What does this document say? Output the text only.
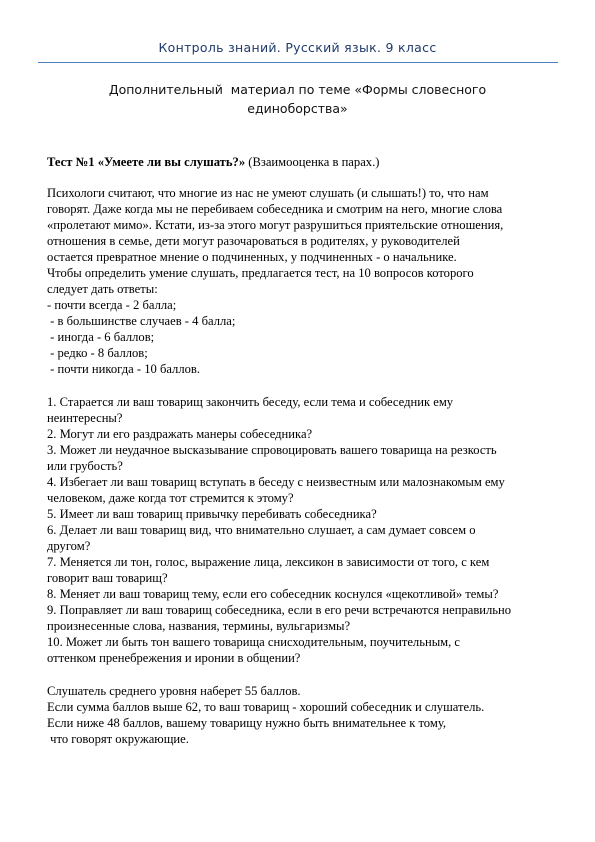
Контроль знаний. Русский язык. 9 класс
Дополнительный  материал по теме «Формы словесного
единоборства»
Тест №1 «Умеете ли вы слушать?» (Взаимооценка в парах.)
Психологи считают, что многие из нас не умеют слушать (и слышать!) то, что нам
говорят. Даже когда мы не перебиваем собеседника и смотрим на него, многие слова
«пролетают мимо». Кстати, из-за этого могут разрушиться приятельские отношения,
отношения в семье, дети могут разочароваться в родителях, у руководителей
остается превратное мнение о подчиненных, у подчиненных - о начальнике.
Чтобы определить умение слушать, предлагается тест, на 10 вопросов которого
следует дать ответы:
- почти всегда - 2 балла;
- в большинстве случаев - 4 балла;
- иногда - 6 баллов;
- редко - 8 баллов;
- почти никогда - 10 баллов.
1. Старается ли ваш товарищ закончить беседу, если тема и собеседник ему
неинтересны?
2. Могут ли его раздражать манеры собеседника?
3. Может ли неудачное высказывание спровоцировать вашего товарища на резкость
или грубость?
4. Избегает ли ваш товарищ вступать в беседу с неизвестным или малознакомым ему
человеком, даже когда тот стремится к этому?
5. Имеет ли ваш товарищ привычку перебивать собеседника?
6. Делает ли ваш товарищ вид, что внимательно слушает, а сам думает совсем о
другом?
7. Меняется ли тон, голос, выражение лица, лексикон в зависимости от того, с кем
говорит ваш товарищ?
8. Меняет ли ваш товарищ тему, если его собеседник коснулся «щекотливой» темы?
9. Поправляет ли ваш товарищ собеседника, если в его речи встречаются неправильно
произнесенные слова, названия, термины, вульгаризмы?
10. Может ли быть тон вашего товарища снисходительным, поучительным, с
оттенком пренебрежения и иронии в общении?
Слушатель среднего уровня наберет 55 баллов.
Если сумма баллов выше 62, то ваш товарищ - хороший собеседник и слушатель.
Если ниже 48 баллов, вашему товарищу нужно быть внимательнее к тому,
что говорят окружающие.
